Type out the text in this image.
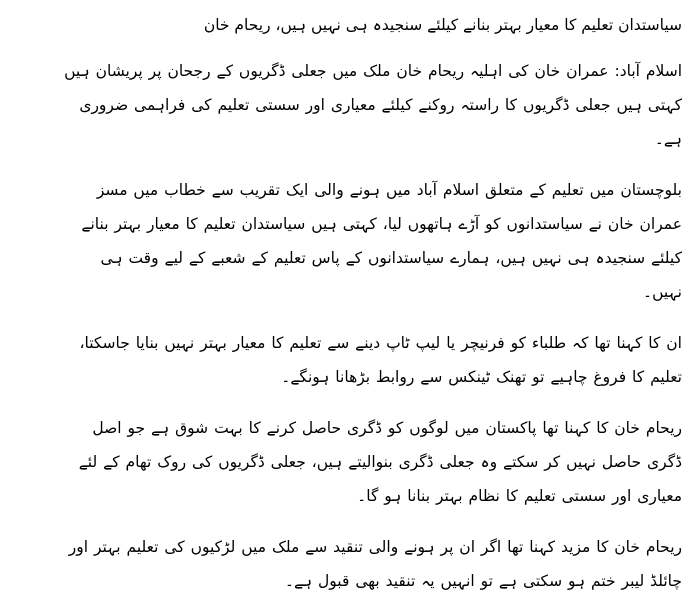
سیاستدان تعلیم کا معیار بہتر بنانے کیلئے سنجیدہ ہی نہیں ہیں، ریحام خان

اسلام آباد: عمران خان کی اہلیہ ریحام خان ملک میں جعلی ڈگریوں کے رجحان پر پریشان ہیں کہتی ہیں جعلی ڈگریوں کا راستہ روکنے کیلئے معیاری اور سستی تعلیم کی فراہمی ضروری ہے۔

بلوچستان میں تعلیم کے متعلق اسلام آباد میں ہونے والی ایک تقریب سے خطاب میں مسز عمران خان نے سیاستدانوں کو آڑے ہاتھوں لیا، کہتی ہیں سیاستدان تعلیم کا معیار بہتر بنانے کیلئے سنجیدہ ہی نہیں ہیں، ہمارے سیاستدانوں کے پاس تعلیم کے شعبے کے لیے وقت ہی نہیں۔

ان کا کہنا تھا کہ طلباء کو فرنیچر یا لیپ ٹاپ دینے سے تعلیم کا معیار بہتر نہیں بنایا جاسکتا، تعلیم کا فروغ چاہیے تو تھنک ٹینکس سے روابط بڑھانا ہونگے۔

ریحام خان کا کہنا تھا پاکستان میں لوگوں کو ڈگری حاصل کرنے کا بہت شوق ہے جو اصل ڈگری حاصل نہیں کر سکتے وہ جعلی ڈگری بنوالیتے ہیں، جعلی ڈگریوں کی روک تھام کے لئے معیاری اور سستی تعلیم کا نظام بہتر بنانا ہو گا۔

ریحام خان کا مزید کہنا تھا اگر ان پر ہونے والی تنقید سے ملک میں لڑکیوں کی تعلیم بہتر اور چائلڈ لیبر ختم ہو سکتی ہے تو انہیں یہ تنقید بھی قبول ہے۔
